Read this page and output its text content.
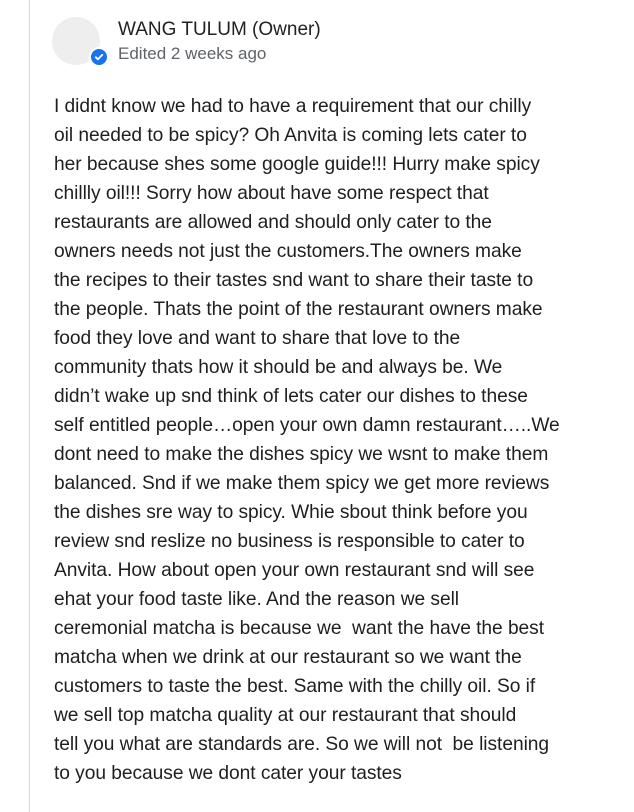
WANG TULUM (Owner)
Edited 2 weeks ago

I didnt know we had to have a requirement that our chilly
oil needed to be spicy? Oh Anvita is coming lets cater to
her because shes some google guide!!! Hurry make spicy
chillly oil!!! Sorry how about have some respect that
restaurants are allowed and should only cater to the
owners needs not just the customers.The owners make
the recipes to their tastes snd want to share their taste to
the people. Thats the point of the restaurant owners make
food they love and want to share that love to the
community thats how it should be and always be. We
didn’t wake up snd think of lets cater our dishes to these
self entitled people…open your own damn restaurant…..We
dont need to make the dishes spicy we wsnt to make them
balanced. Snd if we make them spicy we get more reviews
the dishes sre way to spicy. Whie sbout think before you
review snd reslize no business is responsible to cater to
Anvita. How about open your own restaurant snd will see
ehat your food taste like. And the reason we sell
ceremonial matcha is because we  want the have the best
matcha when we drink at our restaurant so we want the
customers to taste the best. Same with the chilly oil. So if
we sell top matcha quality at our restaurant that should
tell you what are standards are. So we will not  be listening
to you because we dont cater your tastes
